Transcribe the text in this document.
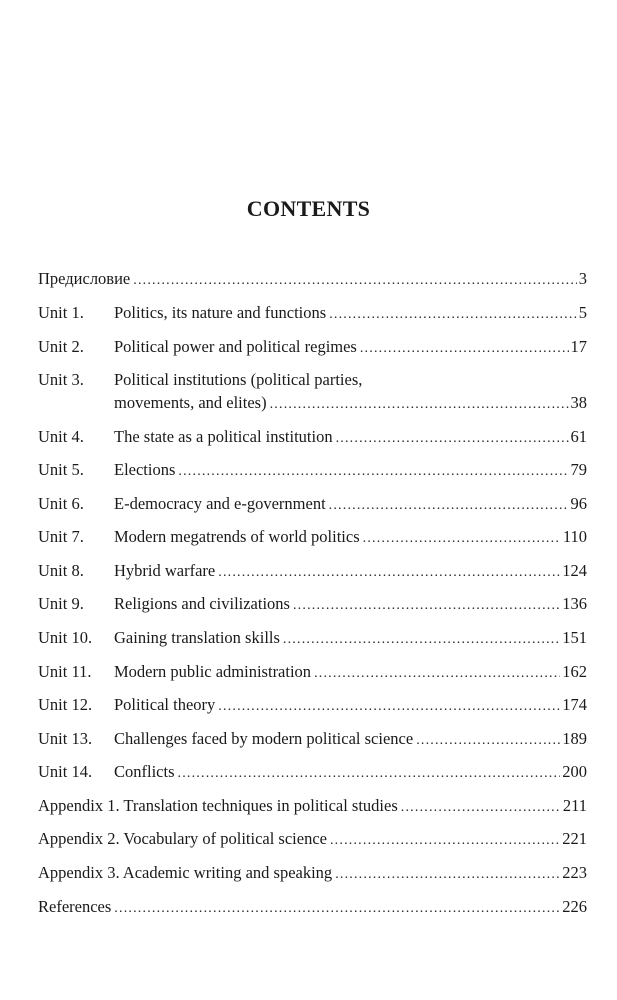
CONTENTS
Предисловие .....	3
Unit 1.	Politics, its nature and functions .....	5
Unit 2.	Political power and political regimes .....	17
Unit 3. Political institutions (political parties,
movements, and elites) .....	38
Unit 4.	The state as a political institution .....	61
Unit 5.	Elections .....	79
Unit 6.	E-democracy and e-government .....	96
Unit 7.	Modern megatrends of world politics .....	110
Unit 8.	Hybrid warfare .....	124
Unit 9.	Religions and civilizations .....	136
Unit 10.	Gaining translation skills .....	151
Unit 11.	Modern public administration .....	162
Unit 12.	Political theory .....	174
Unit 13.	Challenges faced by modern political science .....	189
Unit 14.	Conflicts .....	200
Appendix 1. Translation techniques in political studies .....	211
Appendix 2. Vocabulary of political science .....	221
Appendix 3. Academic writing and speaking .....	223
References .....	226
